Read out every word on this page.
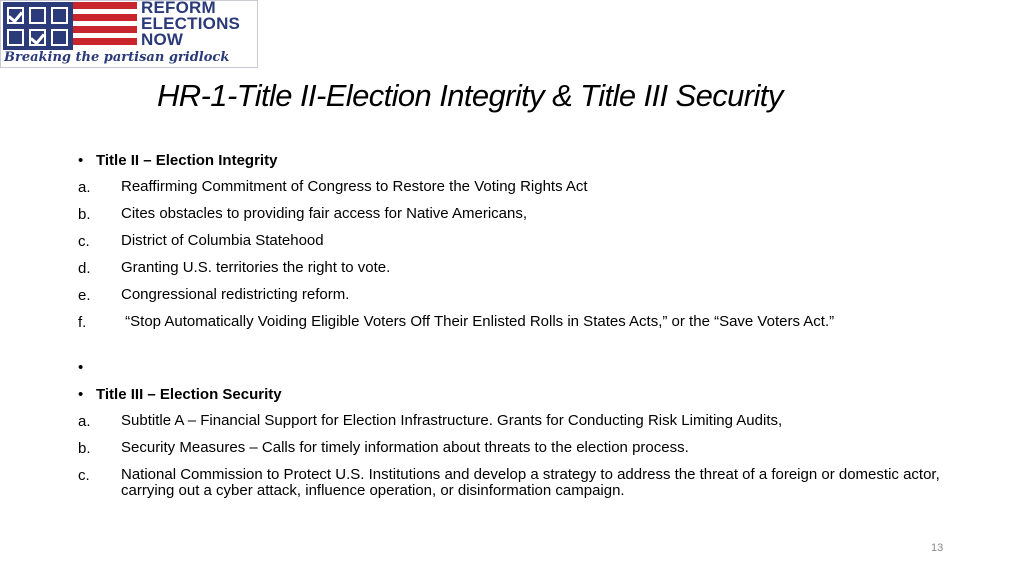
REFORM
ELECTIONS
NOW
Breaking the partisan gridlock
HR-1-Title II-Election Integrity & Title III Security
• Title II – Election Integrity
a.	Reaffirming Commitment of Congress to Restore the Voting Rights Act
b.	Cites obstacles to providing fair access for Native Americans,
c.	District of Columbia Statehood
d.	Granting U.S. territories the right to vote.
e.	Congressional redistricting reform.
f.	“Stop Automatically Voiding Eligible Voters Off Their Enlisted Rolls in States Acts,” or the “Save Voters Act.”
•
• Title III – Election Security
a.	Subtitle A – Financial Support for Election Infrastructure. Grants for Conducting Risk Limiting Audits,
b.	Security Measures – Calls for timely information about threats to the election process.
c.	National Commission to Protect U.S. Institutions and develop a strategy to address the threat of a foreign or domestic actor, carrying out a cyber attack, influence operation, or disinformation campaign.
13
